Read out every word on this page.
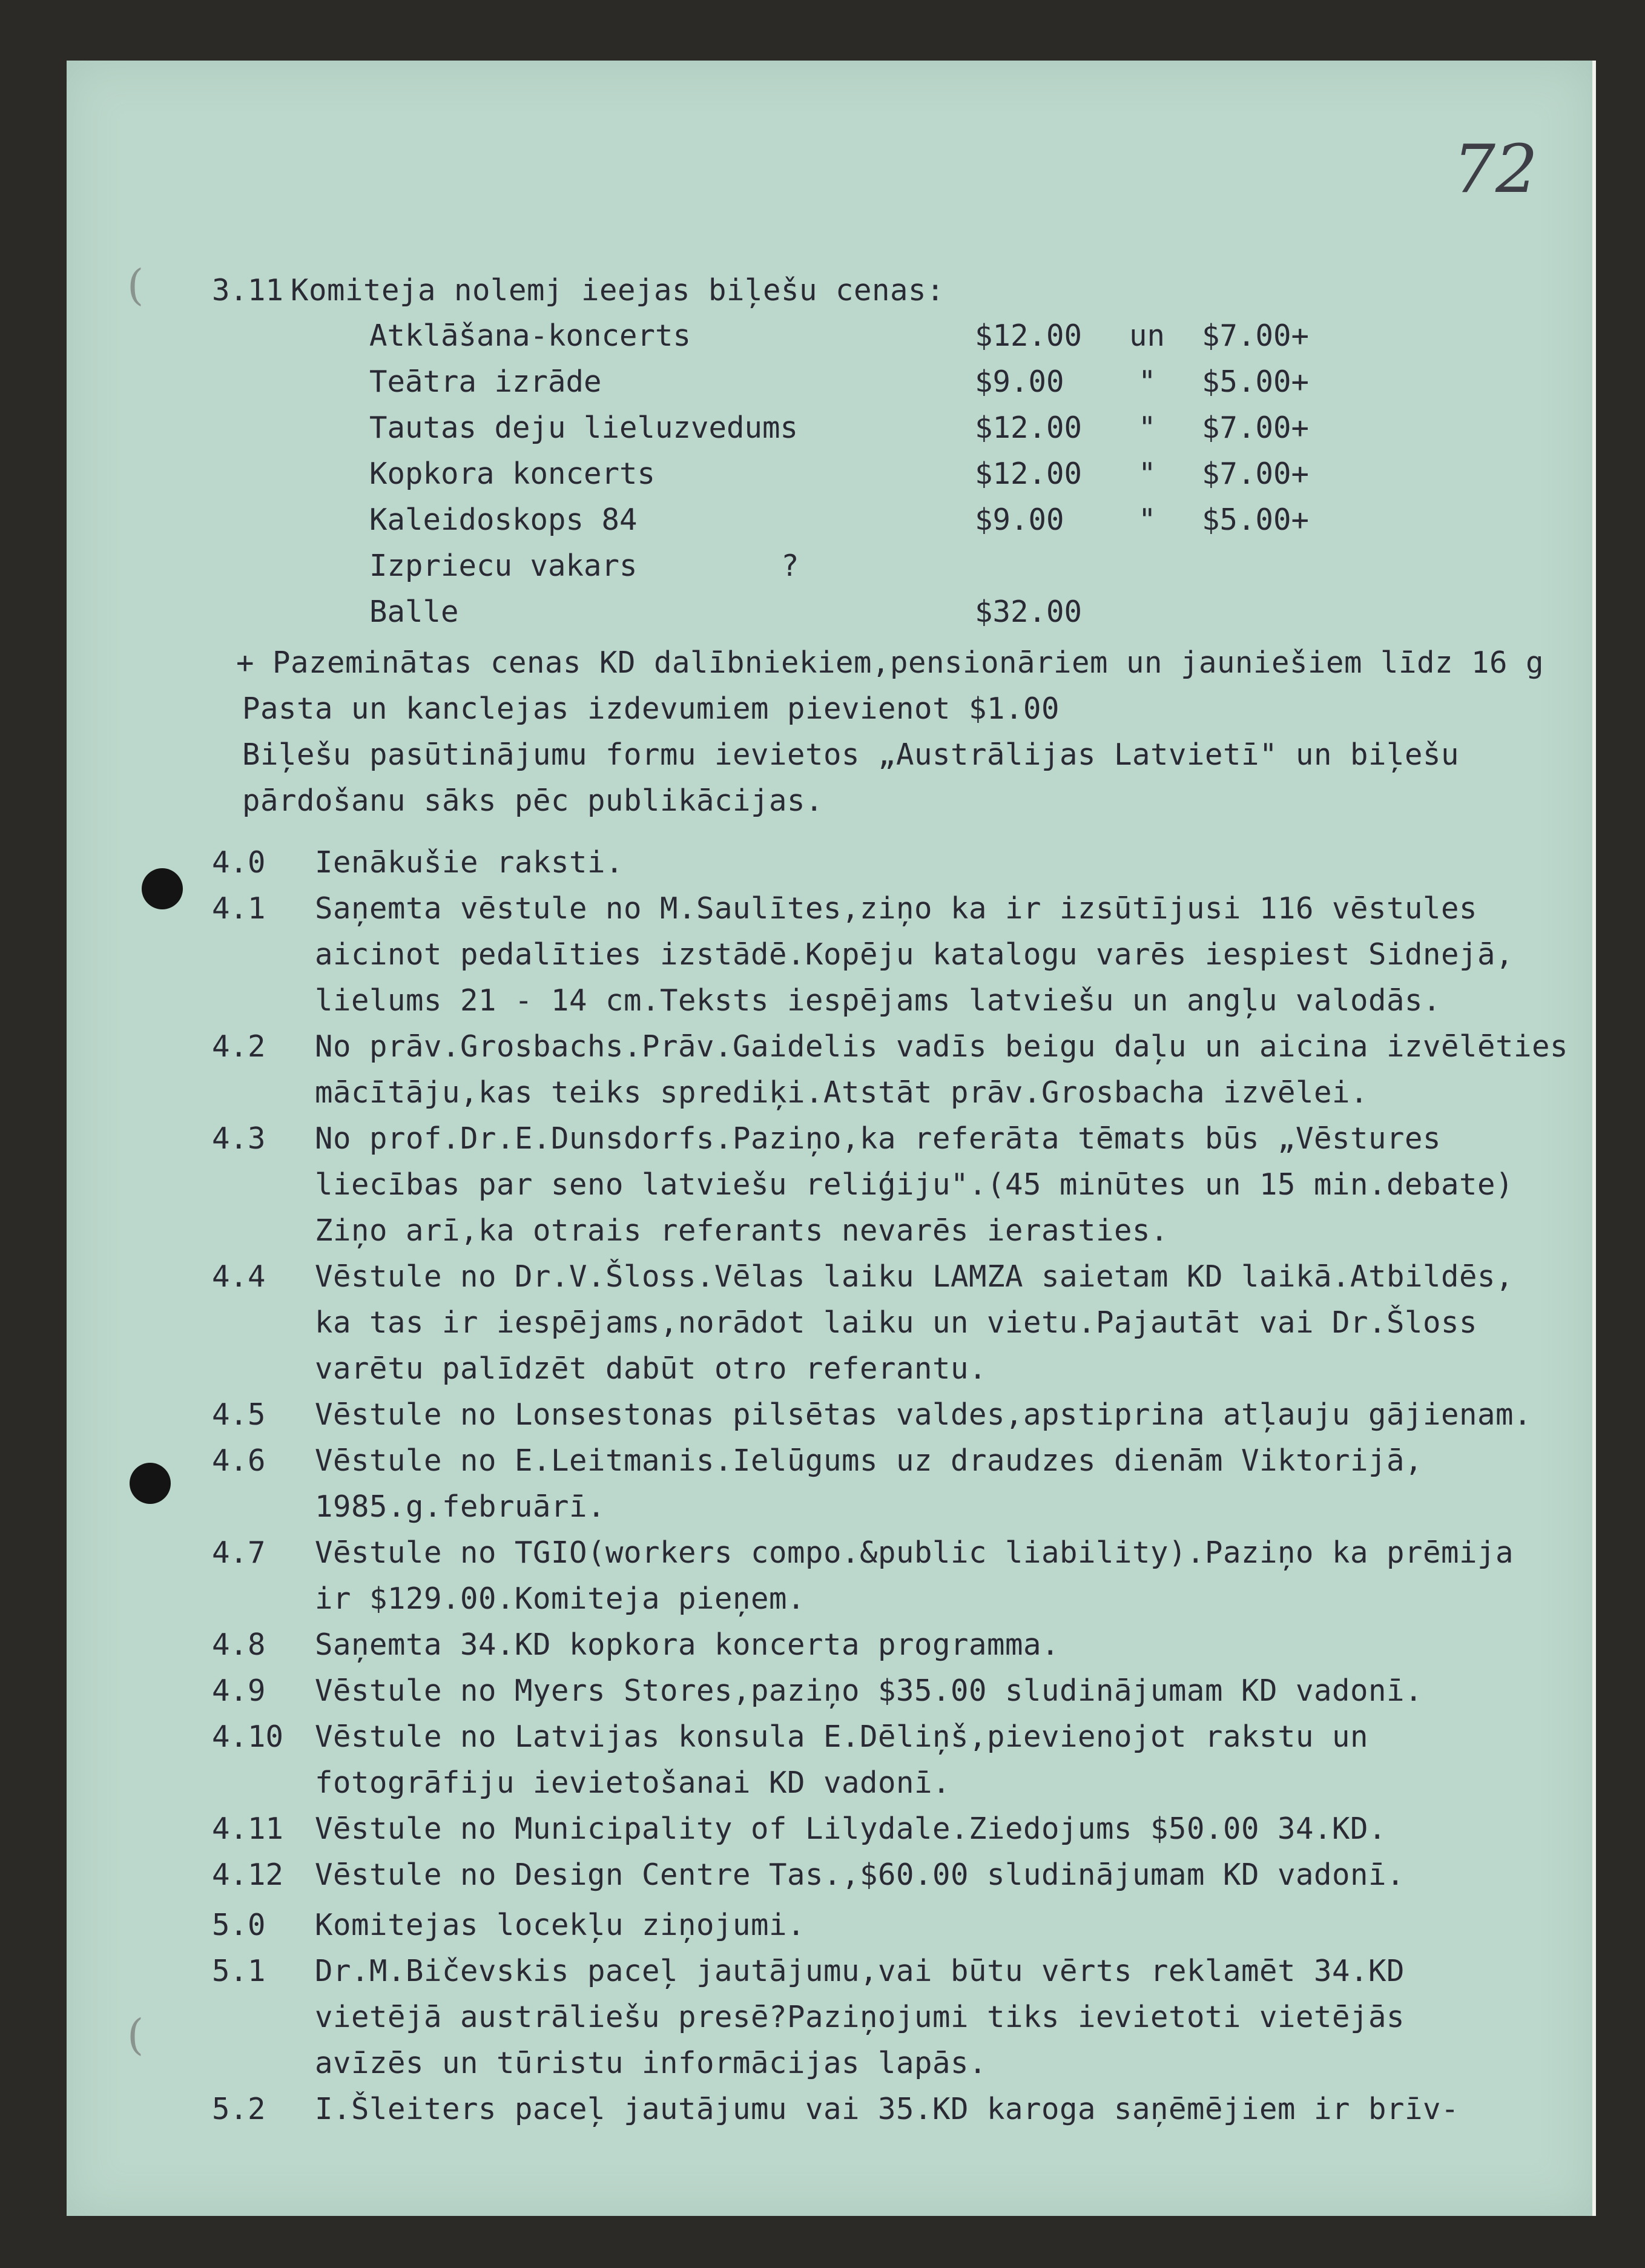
72
(
(
3.11 Komiteja nolemj ieejas biļešu cenas:
Atklāšana-koncerts	$12.00 un $7.00+
Teātra izrāde	$9.00 " $5.00+
Tautas deju lieluzvedums	$12.00 " $7.00+
Kopkora koncerts	$12.00 " $7.00+
Kaleidoskops 84	$9.00 " $5.00+
Izpriecu vakars	?
Balle	$32.00
+ Pazeminātas cenas KD dalībniekiem,pensionāriem un jauniešiem līdz 16 g
Pasta un kanclejas izdevumiem pievienot $1.00
Biļešu pasūtinājumu formu ievietos „Austrālijas Latvietī" un biļešu
pārdošanu sāks pēc publikācijas.
4.0 Ienākušie raksti.
4.1 Saņemta vēstule no M.Saulītes,ziņo ka ir izsūtījusi 116 vēstules
aicinot pedalīties izstādē.Kopēju katalogu varēs iespiest Sidnejā,
lielums 21 - 14 cm.Teksts iespējams latviešu un angļu valodās.
4.2 No prāv.Grosbachs.Prāv.Gaidelis vadīs beigu daļu un aicina izvēlēties
mācītāju,kas teiks sprediķi.Atstāt prāv.Grosbacha izvēlei.
4.3 No prof.Dr.E.Dunsdorfs.Paziņo,ka referāta tēmats būs „Vēstures
liecības par seno latviešu reliģiju".(45 minūtes un 15 min.debate)
Ziņo arī,ka otrais referants nevarēs ierasties.
4.4 Vēstule no Dr.V.Šloss.Vēlas laiku LAMZA saietam KD laikā.Atbildēs,
ka tas ir iespējams,norādot laiku un vietu.Pajautāt vai Dr.Šloss
varētu palīdzēt dabūt otro referantu.
4.5 Vēstule no Lonsestonas pilsētas valdes,apstiprina atļauju gājienam.
4.6 Vēstule no E.Leitmanis.Ielūgums uz draudzes dienām Viktorijā,
1985.g.februārī.
4.7 Vēstule no TGIO(workers compo.&public liability).Paziņo ka prēmija
ir $129.00.Komiteja pieņem.
4.8 Saņemta 34.KD kopkora koncerta programma.
4.9 Vēstule no Myers Stores,paziņo $35.00 sludinājumam KD vadonī.
4.10 Vēstule no Latvijas konsula E.Dēliņš,pievienojot rakstu un
fotogrāfiju ievietošanai KD vadonī.
4.11 Vēstule no Municipality of Lilydale.Ziedojums $50.00 34.KD.
4.12 Vēstule no Design Centre Tas.,$60.00 sludinājumam KD vadonī.
5.0 Komitejas locekļu ziņojumi.
5.1 Dr.M.Bičevskis paceļ jautājumu,vai būtu vērts reklamēt 34.KD
vietējā austrāliešu presē?Paziņojumi tiks ievietoti vietējās
avīzēs un tūristu informācijas lapās.
5.2 I.Šleiters paceļ jautājumu vai 35.KD karoga saņēmējiem ir brīv-
